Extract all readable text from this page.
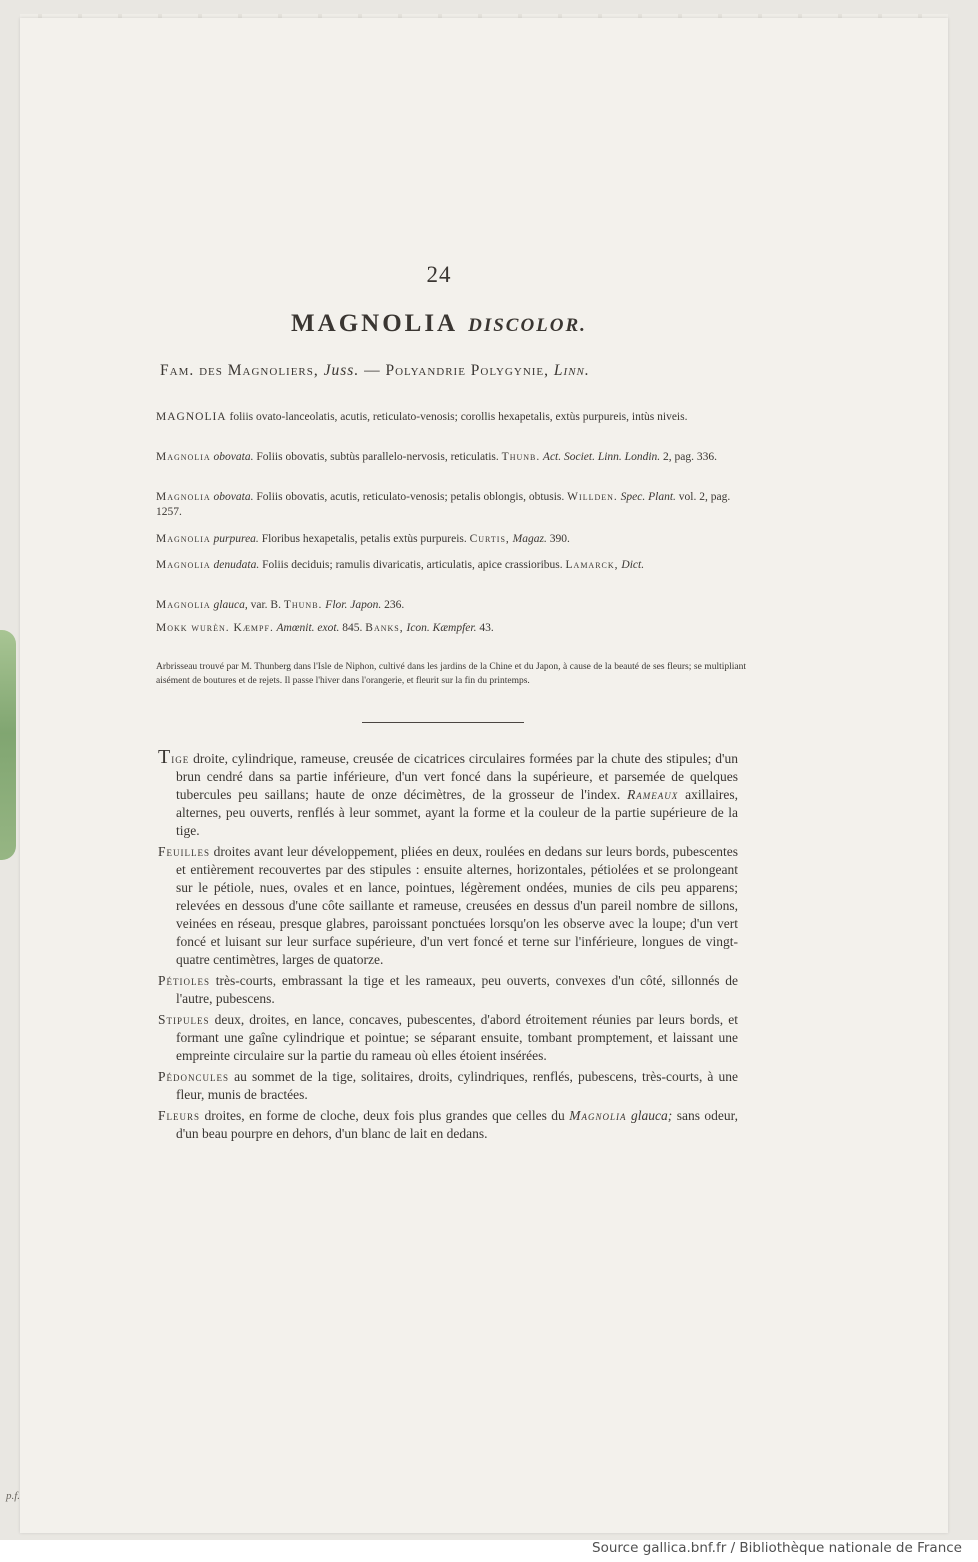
24
MAGNOLIA DISCOLOR.
Fam. des Magnoliers, Juss. — Polyandrie Polygynie, Linn.
MAGNOLIA foliis ovato-lanceolatis, acutis, reticulato-venosis; corollis hexapetalis, extùs purpureis, intùs niveis.
Magnolia obovata. Foliis obovatis, subtùs parallelo-nervosis, reticulatis. Thunb. Act. Societ. Linn. Londin. 2, pag. 336.
Magnolia obovata. Foliis obovatis, acutis, reticulato-venosis; petalis oblongis, obtusis. Willden. Spec. Plant. vol. 2, pag. 1257.
Magnolia purpurea. Floribus hexapetalis, petalis extùs purpureis. Curtis, Magaz. 390.
Magnolia denudata. Foliis deciduis; ramulis divaricatis, articulatis, apice crassioribus. Lamarck, Dict.
Magnolia glauca, var. B. Thunb. Flor. Japon. 236.
Mokk wurèn. Kæmpf. Amœnit. exot. 845. Banks, Icon. Kæmpfer. 43.
Arbrisseau trouvé par M. Thunberg dans l'Isle de Niphon, cultivé dans les jardins de la Chine et du Japon, à cause de la beauté de ses fleurs; se multipliant aisément de boutures et de rejets. Il passe l'hiver dans l'orangerie, et fleurit sur la fin du printemps.

Tige droite, cylindrique, rameuse, creusée de cicatrices circulaires formées par la chute des stipules; d'un brun cendré dans sa partie inférieure, d'un vert foncé dans la supérieure, et parsemée de quelques tubercules peu saillans; haute de onze décimètres, de la grosseur de l'index. Rameaux axillaires, alternes, peu ouverts, renflés à leur sommet, ayant la forme et la couleur de la partie supérieure de la tige.

Feuilles droites avant leur développement, pliées en deux, roulées en dedans sur leurs bords, pubescentes et entièrement recouvertes par des stipules : ensuite alternes, horizontales, pétiolées et se prolongeant sur le pétiole, nues, ovales et en lance, pointues, légèrement ondées, munies de cils peu apparens; relevées en dessous d'une côte saillante et rameuse, creusées en dessus d'un pareil nombre de sillons, veinées en réseau, presque glabres, paroissant ponctuées lorsqu'on les observe avec la loupe; d'un vert foncé et luisant sur leur surface supérieure, d'un vert foncé et terne sur l'inférieure, longues de vingt-quatre centimètres, larges de quatorze.

Pétioles très-courts, embrassant la tige et les rameaux, peu ouverts, convexes d'un côté, sillonnés de l'autre, pubescens.

Stipules deux, droites, en lance, concaves, pubescentes, d'abord étroitement réunies par leurs bords, et formant une gaîne cylindrique et pointue; se séparant ensuite, tombant promptement, et laissant une empreinte circulaire sur la partie du rameau où elles étoient insérées.

Pédoncules au sommet de la tige, solitaires, droits, cylindriques, renflés, pubescens, très-courts, à une fleur, munis de bractées.

Fleurs droites, en forme de cloche, deux fois plus grandes que celles du Magnolia glauca; sans odeur, d'un beau pourpre en dehors, d'un blanc de lait en dedans.

p.f.
Source gallica.bnf.fr / Bibliothèque nationale de France
